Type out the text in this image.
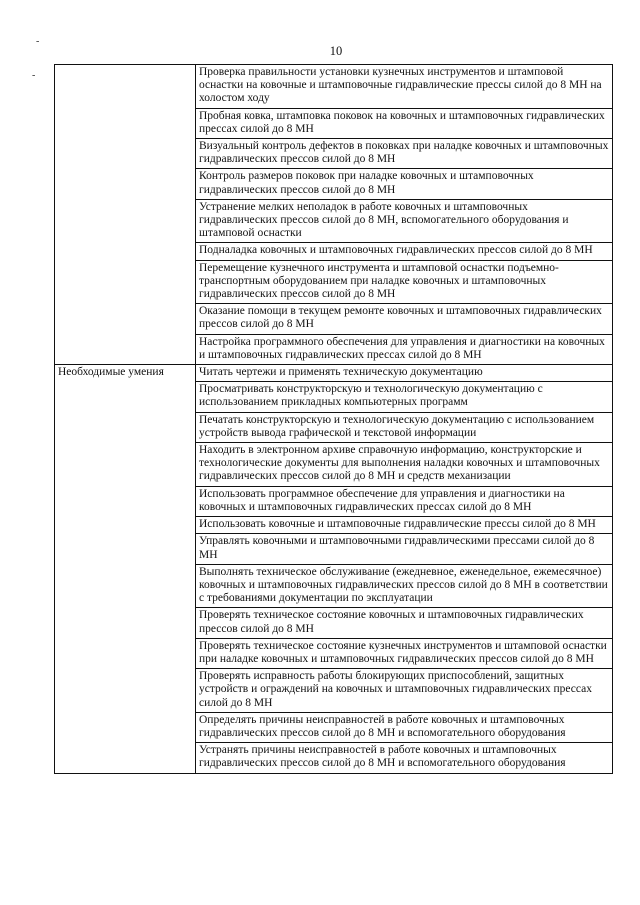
10
-
-
		Проверка правильности установки кузнечных инструментов и штамповой оснастки на ковочные и штамповочные гидравлические прессы силой до 8 МН на холостом ходу
	Пробная ковка, штамповка поковок на ковочных и штамповочных гидравлических прессах силой до 8 МН
	Визуальный контроль дефектов в поковках при наладке ковочных и штамповочных гидравлических прессов силой до 8 МН
	Контроль размеров поковок при наладке ковочных и штамповочных гидравлических прессов силой до 8 МН
	Устранение мелких неполадок в работе ковочных и штамповочных гидравлических прессов силой до 8 МН, вспомогательного оборудования и штамповой оснастки
	Подналадка ковочных и штамповочных гидравлических прессов силой до 8 МН
	Перемещение кузнечного инструмента и штамповой оснастки подъемно-транспортным оборудованием при наладке ковочных и штамповочных гидравлических прессов силой до 8 МН
	Оказание помощи в текущем ремонте ковочных и штамповочных гидравлических прессов силой до 8 МН
	Настройка программного обеспечения для управления и диагностики на ковочных и штамповочных гидравлических прессах силой до 8 МН
Необходимые умения	Читать чертежи и применять техническую документацию
	Просматривать конструкторскую и технологическую документацию с использованием прикладных компьютерных программ
	Печатать конструкторскую и технологическую документацию с использованием устройств вывода графической и текстовой информации
	Находить в электронном архиве справочную информацию, конструкторские и технологические документы для выполнения наладки ковочных и штамповочных гидравлических прессов силой до 8 МН и средств механизации
	Использовать программное обеспечение для управления и диагностики на ковочных и штамповочных гидравлических прессах силой до 8 МН
	Использовать ковочные и штамповочные гидравлические прессы силой до 8 МН
	Управлять ковочными и штамповочными гидравлическими прессами силой до 8 МН
	Выполнять техническое обслуживание (ежедневное, еженедельное, ежемесячное) ковочных и штамповочных гидравлических прессов силой до 8 МН в соответствии с требованиями документации по эксплуатации
	Проверять техническое состояние ковочных и штамповочных гидравлических прессов силой до 8 МН
	Проверять техническое состояние кузнечных инструментов и штамповой оснастки при наладке ковочных и штамповочных гидравлических прессов силой до 8 МН
	Проверять исправность работы блокирующих приспособлений, защитных устройств и ограждений на ковочных и штамповочных гидравлических прессах силой до 8 МН
	Определять причины неисправностей в работе ковочных и штамповочных гидравлических прессов силой до 8 МН и вспомогательного оборудования
	Устранять причины неисправностей в работе ковочных и штамповочных гидравлических прессов силой до 8 МН и вспомогательного оборудования
